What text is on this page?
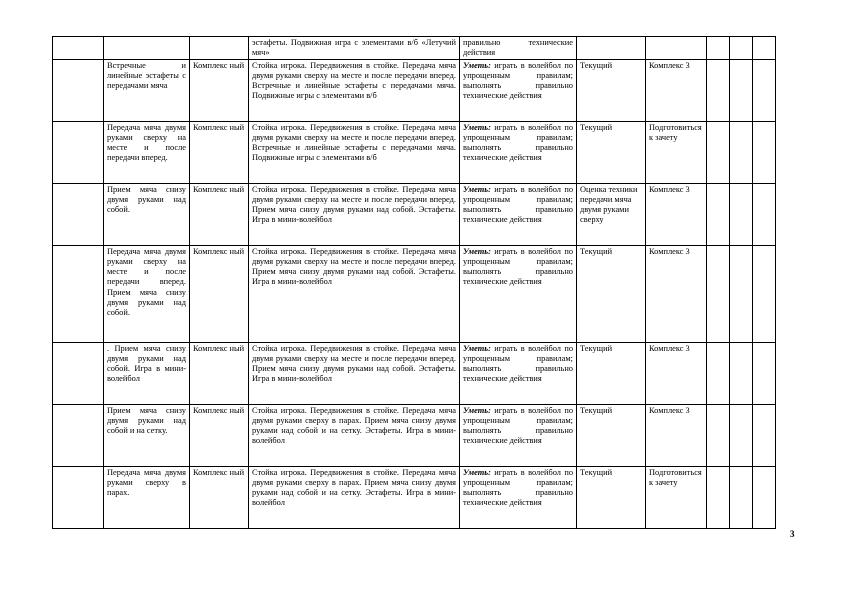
			эстафеты. Подвижная игра с элементами в/б «Летучий мяч»	правильно технические действия					
	Встречные и линейные эстафеты с передачами мяча	Комплекс ный	Стойка игрока. Передвижения в стойке. Передача мяча двумя руками сверху на месте и после передачи вперед. Встречные и линейные эстафеты с передачами мяча. Подвижные игры с элементами в/б	Уметь: играть в волейбол по упрощенным правилам; выполнять правильно технические действия	Текущий	Комплекс 3			
	Передача мяча двумя руками сверху на месте и после передачи вперед.	Комплекс ный	Стойка игрока. Передвижения в стойке. Передача мяча двумя руками сверху на месте и после передачи вперед. Встречные и линейные эстафеты с передачами мяча. Подвижные игры с элементами в/б	Уметь: играть в волейбол по упрощенным правилам; выполнять правильно технические действия	Текущий	Подготовиться к зачету			
	Прием мяча снизу двумя руками над собой.	Комплекс ный	Стойка игрока. Передвижения в стойке. Передача мяча двумя руками сверху на месте и после передачи вперед. Прием мяча снизу двумя руками над собой. Эстафеты. Игра в мини-волейбол	Уметь: играть в волейбол по упрощенным правилам; выполнять правильно технические действия	Оценка техники передачи мяча двумя руками сверху	Комплекс 3			
	Передача мяча двумя руками сверху на месте и после передачи вперед. Прием мяча снизу двумя руками над собой.	Комплекс ный	Стойка игрока. Передвижения в стойке. Передача мяча двумя руками сверху на месте и после передачи вперед. Прием мяча снизу двумя руками над собой. Эстафеты. Игра в мини-волейбол	Уметь: играть в волейбол по упрощенным правилам; выполнять правильно технические действия	Текущий	Комплекс 3			
	. Прием мяча снизу двумя руками над собой. Игра в мини-волейбол	Комплекс ный	Стойка игрока. Передвижения в стойке. Передача мяча двумя руками сверху на месте и после передачи вперед. Прием мяча снизу двумя руками над собой. Эстафеты. Игра в мини-волейбол	Уметь: играть в волейбол по упрощенным правилам; выполнять правильно технические действия	Текущий	Комплекс 3			
	Прием мяча снизу двумя руками над собой и на сетку.	Комплекс ный	Стойка игрока. Передвижения в стойке. Передача мяча двумя руками сверху в парах. Прием мяча снизу двумя руками над собой и на сетку. Эстафеты. Игра в мини-волейбол	Уметь: играть в волейбол по упрощенным правилам; выполнять правильно технические действия	Текущий	Комплекс 3			
	Передача мяча двумя руками сверху в парах.	Комплекс ный	Стойка игрока. Передвижения в стойке. Передача мяча двумя руками сверху в парах. Прием мяча снизу двумя руками над собой и на сетку. Эстафеты. Игра в мини-волейбол	Уметь: играть в волейбол по упрощенным правилам; выполнять правильно технические действия	Текущий	Подготовиться к зачету			
3
